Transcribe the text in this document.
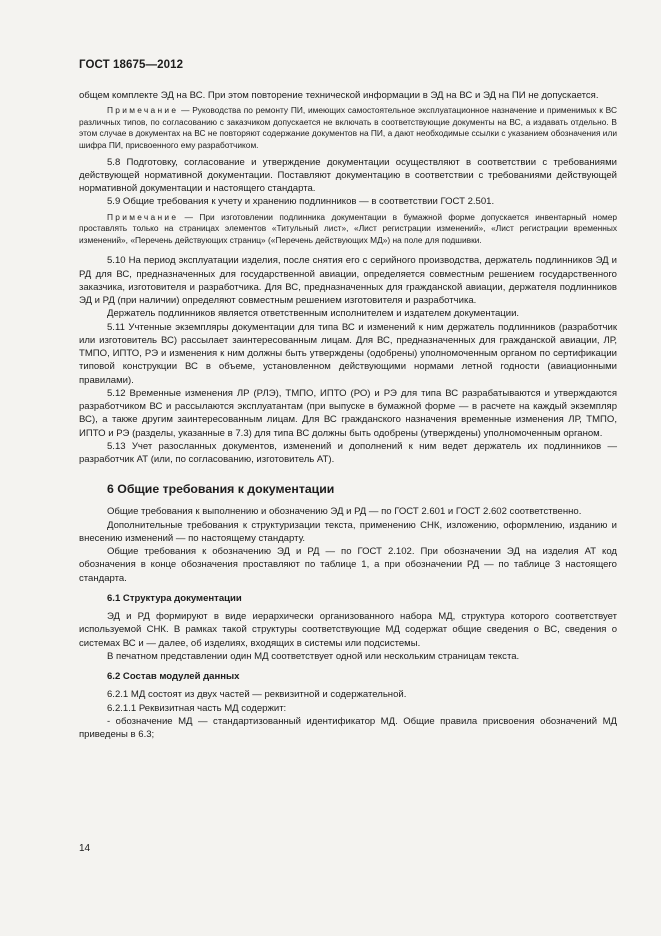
ГОСТ 18675—2012

общем комплекте ЭД на ВС. При этом повторение технической информации в ЭД на ВС и ЭД на ПИ не допускается.

Примечание — Руководства по ремонту ПИ, имеющих самостоятельное эксплуатационное назначение и применимых к ВС различных типов, по согласованию с заказчиком допускается не включать в соответствующие документы на ВС, а издавать отдельно. В этом случае в документах на ВС не повторяют содержание документов на ПИ, а дают необходимые ссылки с указанием обозначения или шифра ПИ, присвоенного ему разработчиком.

5.8 Подготовку, согласование и утверждение документации осуществляют в соответствии с требованиями действующей нормативной документации. Поставляют документацию в соответствии с требованиями действующей нормативной документации и настоящего стандарта.

5.9 Общие требования к учету и хранению подлинников — в соответствии ГОСТ 2.501.

Примечание — При изготовлении подлинника документации в бумажной форме допускается инвентарный номер проставлять только на страницах элементов «Титульный лист», «Лист регистрации изменений», «Лист регистрации временных изменений», «Перечень действующих страниц» («Перечень действующих МД») на поле для подшивки.

5.10 На период эксплуатации изделия, после снятия его с серийного производства, держатель подлинников ЭД и РД для ВС, предназначенных для государственной авиации, определяется совместным решением государственного заказчика, изготовителя и разработчика. Для ВС, предназначенных для гражданской авиации, держателя подлинников ЭД и РД (при наличии) определяют совместным решением изготовителя и разработчика.

Держатель подлинников является ответственным исполнителем и издателем документации.

5.11 Учтенные экземпляры документации для типа ВС и изменений к ним держатель подлинников (разработчик или изготовитель ВС) рассылает заинтересованным лицам. Для ВС, предназначенных для гражданской авиации, ЛР, ТМПО, ИПТО, РЭ и изменения к ним должны быть утверждены (одобрены) уполномоченным органом по сертификации типовой конструкции ВС в объеме, установленном действующими нормами летной годности (авиационными правилами).

5.12 Временные изменения ЛР (РЛЭ), ТМПО, ИПТО (РО) и РЭ для типа ВС разрабатываются и утверждаются разработчиком ВС и рассылаются эксплуатантам (при выпуске в бумажной форме — в расчете на каждый экземпляр ВС), а также другим заинтересованным лицам. Для ВС гражданского назначения временные изменения ЛР, ТМПО, ИПТО и РЭ (разделы, указанные в 7.3) для типа ВС должны быть одобрены (утверждены) уполномоченным органом.

5.13 Учет разосланных документов, изменений и дополнений к ним ведет держатель их подлинников — разработчик АТ (или, по согласованию, изготовитель АТ).

6 Общие требования к документации

Общие требования к выполнению и обозначению ЭД и РД — по ГОСТ 2.601 и ГОСТ 2.602 соответственно.

Дополнительные требования к структуризации текста, применению СНК, изложению, оформлению, изданию и внесению изменений — по настоящему стандарту.

Общие требования к обозначению ЭД и РД — по ГОСТ 2.102. При обозначении ЭД на изделия АТ код обозначения в конце обозначения проставляют по таблице 1, а при обозначении РД — по таблице 3 настоящего стандарта.

6.1 Структура документации

ЭД и РД формируют в виде иерархически организованного набора МД, структура которого соответствует используемой СНК. В рамках такой структуры соответствующие МД содержат общие сведения о ВС, сведения о системах ВС и — далее, об изделиях, входящих в системы или подсистемы.

В печатном представлении один МД соответствует одной или нескольким страницам текста.

6.2 Состав модулей данных

6.2.1 МД состоят из двух частей — реквизитной и содержательной.

6.2.1.1 Реквизитная часть МД содержит:

- обозначение МД — стандартизованный идентификатор МД. Общие правила присвоения обозначений МД приведены в 6.3;

14
